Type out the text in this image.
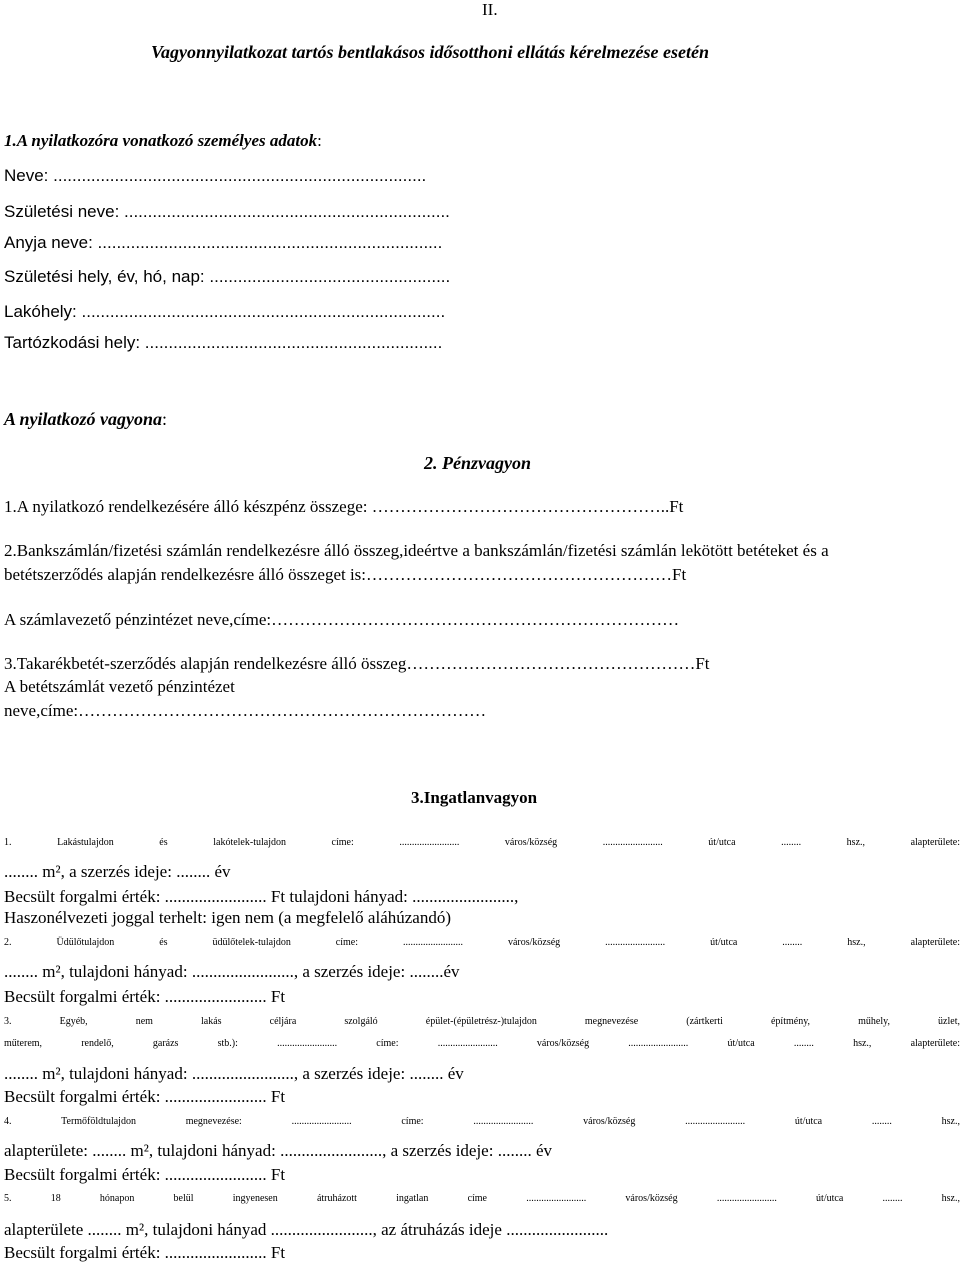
II.
Vagyonnyilatkozat tartós bentlakásos idősotthoni ellátás kérelmezése esetén
1.A nyilatkozóra vonatkozó személyes adatok:
Neve: ...............................................................................
Születési neve: .....................................................................
Anyja neve: .........................................................................
Születési hely, év, hó, nap: ...................................................
Lakóhely: .............................................................................
Tartózkodási hely: ...............................................................
A nyilatkozó vagyona:
2. Pénzvagyon
1.A nyilatkozó rendelkezésére álló készpénz összege: ……………………………………………..Ft
2.Bankszámlán/fizetési számlán rendelkezésre álló összeg,ideértve a bankszámlán/fizetési számlán lekötött betéteket és a
betétszerződés alapján rendelkezésre álló összeget is:………………………………………………Ft
A számlavezető pénzintézet neve,címe:………………………………………………………………
3.Takarékbetét-szerződés alapján rendelkezésre álló összeg……………………………………………Ft
A betétszámlát vezető pénzintézet
neve,címe:………………………………………………………………
3.Ingatlanvagyon
1. Lakástulajdon és lakótelek-tulajdon címe: ........................ város/község ........................ út/utca ........ hsz., alapterülete:
........ m², a szerzés ideje: ........ év
Becsült forgalmi érték: ........................ Ft tulajdoni hányad: ........................,
Haszonélvezeti joggal terhelt: igen nem (a megfelelő aláhúzandó)
2. Üdülőtulajdon és üdülőtelek-tulajdon címe: ........................ város/község ........................ út/utca ........ hsz., alapterülete:
........ m², tulajdoni hányad: ........................, a szerzés ideje: ........év
Becsült forgalmi érték: ........................ Ft
3. Egyéb, nem lakás céljára szolgáló épület-(épületrész-)tulajdon megnevezése (zártkerti építmény, műhely, üzlet,
műterem, rendelő, garázs stb.): ........................ címe: ........................ város/község ........................ út/utca ........ hsz., alapterülete:
........ m², tulajdoni hányad: ........................, a szerzés ideje: ........ év
Becsült forgalmi érték: ........................ Ft
4. Termőföldtulajdon megnevezése: ........................ címe: ........................ város/község ........................ út/utca ........ hsz.,
alapterülete: ........ m², tulajdoni hányad: ........................, a szerzés ideje: ........ év
Becsült forgalmi érték: ........................ Ft
5. 18 hónapon belül ingyenesen átruházott ingatlan címe ........................ város/község ........................ út/utca ........ hsz.,
alapterülete ........ m², tulajdoni hányad ........................, az átruházás ideje ........................
Becsült forgalmi érték: ........................ Ft
